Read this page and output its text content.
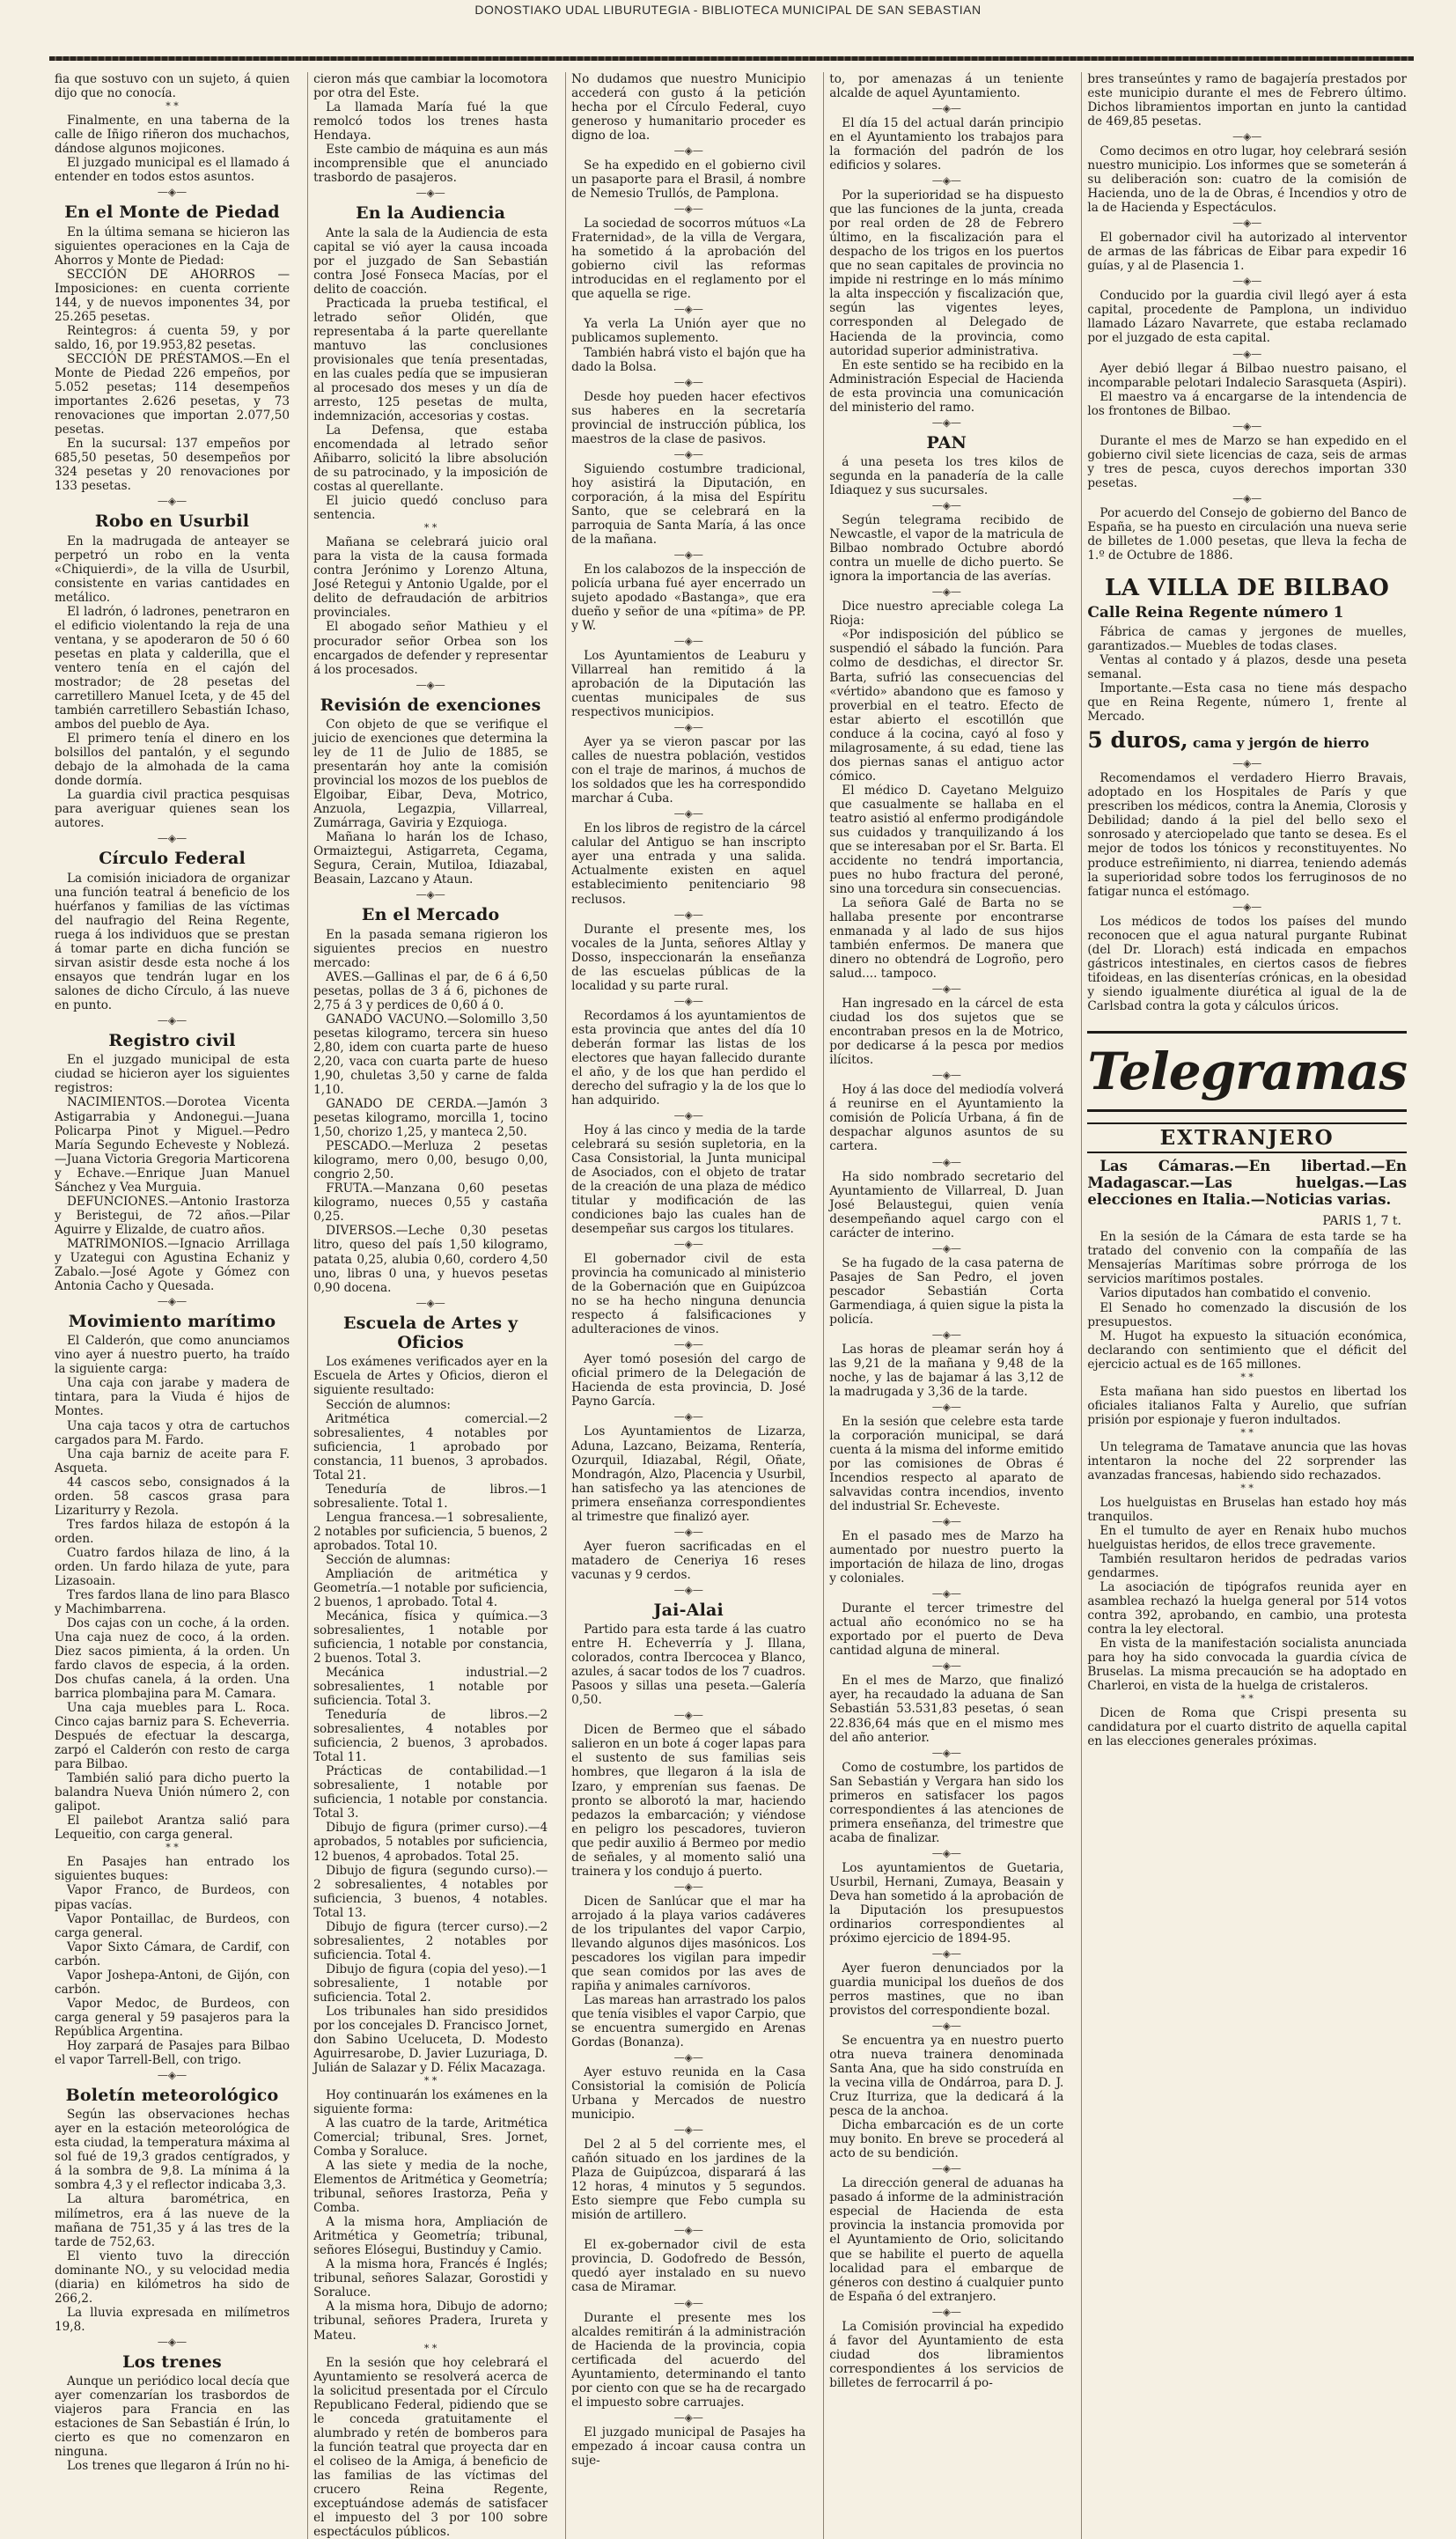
DONOSTIAKO UDAL LIBURUTEGIA - BIBLIOTECA MUNICIPAL DE SAN SEBASTIAN

fia que sostuvo con un sujeto, á quien dijo que no conocía.

* *

Finalmente, en una taberna de la calle de Iñigo riñeron dos muchachos, dándose algunos mojicones.

El juzgado municipal es el llamado á entender en todos estos asuntos.

—◈—
En el Monte de Piedad

En la última semana se hicieron las siguientes operaciones en la Caja de Ahorros y Monte de Piedad:

SECCIÓN DE AHORROS —Imposiciones: en cuenta corriente 144, y de nuevos imponentes 34, por 25.265 pesetas.

Reintegros: á cuenta 59, y por saldo, 16, por 19.953,82 pesetas.

SECCIÓN DE PRÉSTAMOS.—En el Monte de Piedad 226 empeños, por 5.052 pesetas; 114 desempeños importantes 2.626 pesetas, y 73 renovaciones que importan 2.077,50 pesetas.

En la sucursal: 137 empeños por 685,50 pesetas, 50 desempeños por 324 pesetas y 20 renovaciones por 133 pesetas.

—◈—
Robo en Usurbil

En la madrugada de anteayer se perpetró un robo en la venta «Chiquierdi», de la villa de Usurbil, consistente en varias cantidades en metálico.

El ladrón, ó ladrones, penetraron en el edificio violentando la reja de una ventana, y se apoderaron de 50 ó 60 pesetas en plata y calderilla, que el ventero tenía en el cajón del mostrador; de 28 pesetas del carretillero Manuel Iceta, y de 45 del también carretillero Sebastián Ichaso, ambos del pueblo de Aya.

El primero tenía el dinero en los bolsillos del pantalón, y el segundo debajo de la almohada de la cama donde dormía.

La guardia civil practica pesquisas para averiguar quienes sean los autores.

—◈—
Círculo Federal

La comisión iniciadora de organizar una función teatral á beneficio de los huérfanos y familias de las víctimas del naufragio del Reina Regente, ruega á los individuos que se prestan á tomar parte en dicha función se sirvan asistir desde esta noche á los ensayos que tendrán lugar en los salones de dicho Círculo, á las nueve en punto.

—◈—
Registro civil

En el juzgado municipal de esta ciudad se hicieron ayer los siguientes registros:

NACIMIENTOS.—Dorotea Vicenta Astigarrabia y Andonegui.—Juana Policarpa Pinot y Miguel.—Pedro María Segundo Echeveste y Noblezá.—Juana Victoria Gregoria Marticorena y Echave.—Enrique Juan Manuel Sánchez y Vea Murguia.

DEFUNCIONES.—Antonio Irastorza y Beristegui, de 72 años.—Pilar Aguirre y Elizalde, de cuatro años.

MATRIMONIOS.—Ignacio Arrillaga y Uzategui con Agustina Echaniz y Zabalo.—José Agote y Gómez con Antonia Cacho y Quesada.

—◈—
Movimiento marítimo

El Calderón, que como anunciamos vino ayer á nuestro puerto, ha traído la siguiente carga:

Una caja con jarabe y madera de tintara, para la Viuda é hijos de Montes.

Una caja tacos y otra de cartuchos cargados para M. Fardo.

Una caja barniz de aceite para F. Asqueta.

44 cascos sebo, consignados á la orden. 58 cascos grasa para Lizariturry y Rezola.

Tres fardos hilaza de estopón á la orden.

Cuatro fardos hilaza de lino, á la orden. Un fardo hilaza de yute, para Lizasoain.

Tres fardos llana de lino para Blasco y Machimbarrena.

Dos cajas con un coche, á la orden. Una caja nuez de coco, á la orden. Diez sacos pimienta, á la orden. Un fardo clavos de especia, á la orden. Dos chufas canela, á la orden. Una barrica plombajina para M. Camara.

Una caja muebles para L. Roca. Cinco cajas barniz para S. Echeverria. Después de efectuar la descarga, zarpó el Calderón con resto de carga para Bilbao.

También salió para dicho puerto la balandra Nueva Unión número 2, con galipot.

El pailebot Arantza salió para Lequeitio, con carga general.

* *

En Pasajes han entrado los siguientes buques:

Vapor Franco, de Burdeos, con pipas vacías.

Vapor Pontaillac, de Burdeos, con carga general.

Vapor Sixto Cámara, de Cardif, con carbón.

Vapor Joshepa-Antoni, de Gijón, con carbón.

Vapor Medoc, de Burdeos, con carga general y 59 pasajeros para la República Argentina.

Hoy zarpará de Pasajes para Bilbao el vapor Tarrell-Bell, con trigo.

—◈—
Boletín meteorológico

Según las observaciones hechas ayer en la estación meteorológica de esta ciudad, la temperatura máxima al sol fué de 19,3 grados centígrados, y á la sombra de 9,8. La mínima á la sombra 4,3 y el reflector indicaba 3,3.

La altura barométrica, en milímetros, era á las nueve de la mañana de 751,35 y á las tres de la tarde de 752,63.

El viento tuvo la dirección dominante NO., y su velocidad media (diaria) en kilómetros ha sido de 266,2.

La lluvia expresada en milímetros 19,8.

—◈—
Los trenes

Aunque un periódico local decía que ayer comenzarían los trasbordos de viajeros para Francia en las estaciones de San Sebastián é Irún, lo cierto es que no comenzaron en ninguna.

Los trenes que llegaron á Irún no hi-

cieron más que cambiar la locomotora por otra del Este.

La llamada María fué la que remolcó todos los trenes hasta Hendaya.

Este cambio de máquina es aun más incomprensible que el anunciado trasbordo de pasajeros.

—◈—
En la Audiencia

Ante la sala de la Audiencia de esta capital se vió ayer la causa incoada por el juzgado de San Sebastián contra José Fonseca Macías, por el delito de coacción.

Practicada la prueba testifical, el letrado señor Olidén, que representaba á la parte querellante mantuvo las conclusiones provisionales que tenía presentadas, en las cuales pedía que se impusieran al procesado dos meses y un día de arresto, 125 pesetas de multa, indemnización, accesorias y costas.

La Defensa, que estaba encomendada al letrado señor Añibarro, solicitó la libre absolución de su patrocinado, y la imposición de costas al querellante.

El juicio quedó concluso para sentencia.

* *

Mañana se celebrará juicio oral para la vista de la causa formada contra Jerónimo y Lorenzo Altuna, José Retegui y Antonio Ugalde, por el delito de defraudación de arbitrios provinciales.

El abogado señor Mathieu y el procurador señor Orbea son los encargados de defender y representar á los procesados.

—◈—
Revisión de exenciones

Con objeto de que se verifique el juicio de exenciones que determina la ley de 11 de Julio de 1885, se presentarán hoy ante la comisión provincial los mozos de los pueblos de Elgoibar, Eibar, Deva, Motrico, Anzuola, Legazpia, Villarreal, Zumárraga, Gaviria y Ezquioga.

Mañana lo harán los de Ichaso, Ormaiztegui, Astigarreta, Cegama, Segura, Cerain, Mutiloa, Idiazabal, Beasain, Lazcano y Ataun.

—◈—
En el Mercado

En la pasada semana rigieron los siguientes precios en nuestro mercado:

AVES.—Gallinas el par, de 6 á 6,50 pesetas, pollas de 3 á 6, pichones de 2,75 á 3 y perdices de 0,60 á 0.

GANADO VACUNO.—Solomillo 3,50 pesetas kilogramo, tercera sin hueso 2,80, idem con cuarta parte de hueso 2,20, vaca con cuarta parte de hueso 1,90, chuletas 3,50 y carne de falda 1,10.

GANADO DE CERDA.—Jamón 3 pesetas kilogramo, morcilla 1, tocino 1,50, chorizo 1,25, y manteca 2,50.

PESCADO.—Merluza 2 pesetas kilogramo, mero 0,00, besugo 0,00, congrio 2,50.

FRUTA.—Manzana 0,60 pesetas kilogramo, nueces 0,55 y castaña 0,25.

DIVERSOS.—Leche 0,30 pesetas litro, queso del país 1,50 kilogramo, patata 0,25, alubia 0,60, cordero 4,50 uno, libras 0 una, y huevos pesetas 0,90 docena.

—◈—
Escuela de Artes y Oficios

Los exámenes verificados ayer en la Escuela de Artes y Oficios, dieron el siguiente resultado:

Sección de alumnos:

Aritmética comercial.—2 sobresalientes, 4 notables por suficiencia, 1 aprobado por constancia, 11 buenos, 3 aprobados. Total 21.

Teneduría de libros.—1 sobresaliente. Total 1.

Lengua francesa.—1 sobresaliente, 2 notables por suficiencia, 5 buenos, 2 aprobados. Total 10.

Sección de alumnas:

Ampliación de aritmética y Geometría.—1 notable por suficiencia, 2 buenos, 1 aprobado. Total 4.

Mecánica, física y química.—3 sobresalientes, 1 notable por suficiencia, 1 notable por constancia, 2 buenos. Total 3.

Mecánica industrial.—2 sobresalientes, 1 notable por suficiencia. Total 3.

Teneduría de libros.—2 sobresalientes, 4 notables por suficiencia, 2 buenos, 3 aprobados. Total 11.

Prácticas de contabilidad.—1 sobresaliente, 1 notable por suficiencia, 1 notable por constancia. Total 3.

Dibujo de figura (primer curso).—4 aprobados, 5 notables por suficiencia, 12 buenos, 4 aprobados. Total 25.

Dibujo de figura (segundo curso).—2 sobresalientes, 4 notables por suficiencia, 3 buenos, 4 notables. Total 13.

Dibujo de figura (tercer curso).—2 sobresalientes, 2 notables por suficiencia. Total 4.

Dibujo de figura (copia del yeso).—1 sobresaliente, 1 notable por suficiencia. Total 2.

Los tribunales han sido presididos por los concejales D. Francisco Jornet, don Sabino Uceluceta, D. Modesto Aguirresarobe, D. Javier Luzuriaga, D. Julián de Salazar y D. Félix Macazaga.

* *

Hoy continuarán los exámenes en la siguiente forma:

A las cuatro de la tarde, Aritmética Comercial; tribunal, Sres. Jornet, Comba y Soraluce.

A las siete y media de la noche, Elementos de Aritmética y Geometría; tribunal, señores Irastorza, Peña y Comba.

A la misma hora, Ampliación de Aritmética y Geometría; tribunal, señores Elósegui, Bustinduy y Camio.

A la misma hora, Francés é Inglés; tribunal, señores Salazar, Gorostidi y Soraluce.

A la misma hora, Dibujo de adorno; tribunal, señores Pradera, Irureta y Mateu.

* *

En la sesión que hoy celebrará el Ayuntamiento se resolverá acerca de la solicitud presentada por el Círculo Republicano Federal, pidiendo que se le conceda gratuitamente el alumbrado y retén de bomberos para la función teatral que proyecta dar en el coliseo de la Amiga, á beneficio de las familias de las víctimas del crucero Reina Regente, exceptuándose además de satisfacer el impuesto del 3 por 100 sobre espectáculos públicos.

No dudamos que nuestro Municipio accederá con gusto á la petición hecha por el Círculo Federal, cuyo generoso y humanitario proceder es digno de loa.

—◈—

Se ha expedido en el gobierno civil un pasaporte para el Brasil, á nombre de Nemesio Trullós, de Pamplona.

—◈—

La sociedad de socorros mútuos «La Fraternidad», de la villa de Vergara, ha sometido á la aprobación del gobierno civil las reformas introducidas en el reglamento por el que aquella se rige.

—◈—

Ya verla La Unión ayer que no publicamos suplemento.

También habrá visto el bajón que ha dado la Bolsa.

—◈—

Desde hoy pueden hacer efectivos sus haberes en la secretaría provincial de instrucción pública, los maestros de la clase de pasivos.

—◈—

Siguiendo costumbre tradicional, hoy asistirá la Diputación, en corporación, á la misa del Espíritu Santo, que se celebrará en la parroquia de Santa María, á las once de la mañana.

—◈—

En los calabozos de la inspección de policía urbana fué ayer encerrado un sujeto apodado «Bastanga», que era dueño y señor de una «pítima» de PP. y W.

—◈—

Los Ayuntamientos de Leaburu y Villarreal han remitido á la aprobación de la Diputación las cuentas municipales de sus respectivos municipios.

—◈—

Ayer ya se vieron pascar por las calles de nuestra población, vestidos con el traje de marinos, á muchos de los soldados que les ha correspondido marchar á Cuba.

—◈—

En los libros de registro de la cárcel calular del Antiguo se han inscripto ayer una entrada y una salida. Actualmente existen en aquel establecimiento penitenciario 98 reclusos.

—◈—

Durante el presente mes, los vocales de la Junta, señores Altlay y Dosso, inspeccionarán la enseñanza de las escuelas públicas de la localidad y su parte rural.

—◈—

Recordamos á los ayuntamientos de esta provincia que antes del día 10 deberán formar las listas de los electores que hayan fallecido durante el año, y de los que han perdido el derecho del sufragio y la de los que lo han adquirido.

—◈—

Hoy á las cinco y media de la tarde celebrará su sesión supletoria, en la Casa Consistorial, la Junta municipal de Asociados, con el objeto de tratar de la creación de una plaza de médico titular y modificación de las condiciones bajo las cuales han de desempeñar sus cargos los titulares.

—◈—

El gobernador civil de esta provincia ha comunicado al ministerio de la Gobernación que en Guipúzcoa no se ha hecho ninguna denuncia respecto á falsificaciones y adulteraciones de vinos.

—◈—

Ayer tomó posesión del cargo de oficial primero de la Delegación de Hacienda de esta provincia, D. José Payno García.

—◈—

Los Ayuntamientos de Lizarza, Aduna, Lazcano, Beizama, Rentería, Ozurquil, Idiazabal, Régil, Oñate, Mondragón, Alzo, Placencia y Usurbil, han satisfecho ya las atenciones de primera enseñanza correspondientes al trimestre que finalizó ayer.

—◈—

Ayer fueron sacrificadas en el matadero de Ceneriya 16 reses vacunas y 9 cerdos.

—◈—
Jai-Alai

Partido para esta tarde á las cuatro entre H. Echeverría y J. Illana, colorados, contra Ibercocea y Blanco, azules, á sacar todos de los 7 cuadros. Pasoos y sillas una peseta.—Galería 0,50.

—◈—

Dicen de Bermeo que el sábado salieron en un bote á coger lapas para el sustento de sus familias seis hombres, que llegaron á la isla de Izaro, y emprenían sus faenas. De pronto se alborotó la mar, haciendo pedazos la embarcación; y viéndose en peligro los pescadores, tuvieron que pedir auxilio á Bermeo por medio de señales, y al momento salió una trainera y los condujo á puerto.

—◈—

Dicen de Sanlúcar que el mar ha arrojado á la playa varios cadáveres de los tripulantes del vapor Carpio, llevando algunos dijes masónicos. Los pescadores los vigilan para impedir que sean comidos por las aves de rapiña y animales carnívoros.

Las mareas han arrastrado los palos que tenía visibles el vapor Carpio, que se encuentra sumergido en Arenas Gordas (Bonanza).

—◈—

Ayer estuvo reunida en la Casa Consistorial la comisión de Policía Urbana y Mercados de nuestro municipio.

—◈—

Del 2 al 5 del corriente mes, el cañón situado en los jardines de la Plaza de Guipúzcoa, disparará á las 12 horas, 4 minutos y 5 segundos. Esto siempre que Febo cumpla su misión de artillero.

—◈—

El ex-gobernador civil de esta provincia, D. Godofredo de Bessón, quedó ayer instalado en su nuevo casa de Miramar.

—◈—

Durante el presente mes los alcaldes remitirán á la administración de Hacienda de la provincia, copia certificada del acuerdo del Ayuntamiento, determinando el tanto por ciento con que se ha de recargado el impuesto sobre carruajes.

—◈—

El juzgado municipal de Pasajes ha empezado á incoar causa contra un suje-

to, por amenazas á un teniente alcalde de aquel Ayuntamiento.

—◈—

El día 15 del actual darán principio en el Ayuntamiento los trabajos para la formación del padrón de los edificios y solares.

—◈—

Por la superioridad se ha dispuesto que las funciones de la junta, creada por real orden de 28 de Febrero último, en la fiscalización para el despacho de los trigos en los puertos que no sean capitales de provincia no impide ni restringe en lo más mínimo la alta inspección y fiscalización que, según las vigentes leyes, corresponden al Delegado de Hacienda de la provincia, como autoridad superior administrativa.

En este sentido se ha recibido en la Administración Especial de Hacienda de esta provincia una comunicación del ministerio del ramo.

—◈—
PAN

á una peseta los tres kilos de segunda en la panadería de la calle Idiaquez y sus sucursales.

—◈—

Según telegrama recibido de Newcastle, el vapor de la matricula de Bilbao nombrado Octubre abordó contra un muelle de dicho puerto. Se ignora la importancia de las averías.

—◈—

Dice nuestro apreciable colega La Rioja:

«Por indisposición del público se suspendió el sábado la función. Para colmo de desdichas, el director Sr. Barta, sufrió las consecuencias del «vértido» abandono que es famoso y proverbial en el teatro. Efecto de estar abierto el escotillón que conduce á la cocina, cayó al foso y milagrosamente, á su edad, tiene las dos piernas sanas el antiguo actor cómico.

El médico D. Cayetano Melguizo que casualmente se hallaba en el teatro asistió al enfermo prodigándole sus cuidados y tranquilizando á los que se interesaban por el Sr. Barta. El accidente no tendrá importancia, pues no hubo fractura del peroné, sino una torcedura sin consecuencias.

La señora Galé de Barta no se hallaba presente por encontrarse enmanada y al lado de sus hijos también enfermos. De manera que dinero no obtendrá de Logroño, pero salud.... tampoco.

—◈—

Han ingresado en la cárcel de esta ciudad los dos sujetos que se encontraban presos en la de Motrico, por dedicarse á la pesca por medios ilícitos.

—◈—

Hoy á las doce del mediodía volverá á reunirse en el Ayuntamiento la comisión de Policía Urbana, á fin de despachar algunos asuntos de su cartera.

—◈—

Ha sido nombrado secretario del Ayuntamiento de Villarreal, D. Juan José Belaustegui, quien venía desempeñando aquel cargo con el carácter de interino.

—◈—

Se ha fugado de la casa paterna de Pasajes de San Pedro, el joven pescador Sebastián Corta Garmendiaga, á quien sigue la pista la policía.

—◈—

Las horas de pleamar serán hoy á las 9,21 de la mañana y 9,48 de la noche, y las de bajamar á las 3,12 de la madrugada y 3,36 de la tarde.

—◈—

En la sesión que celebre esta tarde la corporación municipal, se dará cuenta á la misma del informe emitido por las comisiones de Obras é Incendios respecto al aparato de salvavidas contra incendios, invento del industrial Sr. Echeveste.

—◈—

En el pasado mes de Marzo ha aumentado por nuestro puerto la importación de hilaza de lino, drogas y coloniales.

—◈—

Durante el tercer trimestre del actual año económico no se ha exportado por el puerto de Deva cantidad alguna de mineral.

—◈—

En el mes de Marzo, que finalizó ayer, ha recaudado la aduana de San Sebastián 53.531,83 pesetas, ó sean 22.836,64 más que en el mismo mes del año anterior.

—◈—

Como de costumbre, los partidos de San Sebastián y Vergara han sido los primeros en satisfacer los pagos correspondientes á las atenciones de primera enseñanza, del trimestre que acaba de finalizar.

—◈—

Los ayuntamientos de Guetaria, Usurbil, Hernani, Zumaya, Beasain y Deva han sometido á la aprobación de la Diputación los presupuestos ordinarios correspondientes al próximo ejercicio de 1894-95.

—◈—

Ayer fueron denunciados por la guardia municipal los dueños de dos perros mastines, que no iban provistos del correspondiente bozal.

—◈—

Se encuentra ya en nuestro puerto otra nueva trainera denominada Santa Ana, que ha sido construída en la vecina villa de Ondárroa, para D. J. Cruz Iturriza, que la dedicará á la pesca de la anchoa.

Dicha embarcación es de un corte muy bonito. En breve se procederá al acto de su bendición.

—◈—

La dirección general de aduanas ha pasado á informe de la administración especial de Hacienda de esta provincia la instancia promovida por el Ayuntamiento de Orio, solicitando que se habilite el puerto de aquella localidad para el embarque de géneros con destino á cualquier punto de España ó del extranjero.

—◈—

La Comisión provincial ha expedido á favor del Ayuntamiento de esta ciudad dos libramientos correspondientes á los servicios de billetes de ferrocarril á po-

bres transeúntes y ramo de bagajería prestados por este municipio durante el mes de Febrero último. Dichos libramientos importan en junto la cantidad de 469,85 pesetas.

—◈—

Como decimos en otro lugar, hoy celebrará sesión nuestro municipio. Los informes que se someterán á su deliberación son: cuatro de la comisión de Hacienda, uno de la de Obras, é Incendios y otro de la de Hacienda y Espectáculos.

—◈—

El gobernador civil ha autorizado al interventor de armas de las fábricas de Eibar para expedir 16 guías, y al de Plasencia 1.

—◈—

Conducido por la guardia civil llegó ayer á esta capital, procedente de Pamplona, un individuo llamado Lázaro Navarrete, que estaba reclamado por el juzgado de esta capital.

—◈—

Ayer debió llegar á Bilbao nuestro paisano, el incomparable pelotari Indalecio Sarasqueta (Aspiri).

El maestro va á encargarse de la intendencia de los frontones de Bilbao.

—◈—

Durante el mes de Marzo se han expedido en el gobierno civil siete licencias de caza, seis de armas y tres de pesca, cuyos derechos importan 330 pesetas.

—◈—

Por acuerdo del Consejo de gobierno del Banco de España, se ha puesto en circulación una nueva serie de billetes de 1.000 pesetas, que lleva la fecha de 1.º de Octubre de 1886.

LA VILLA DE BILBAO
Calle Reina Regente número 1

Fábrica de camas y jergones de muelles, garantizados.— Muebles de todas clases.

Ventas al contado y á plazos, desde una peseta semanal.

Importante.—Esta casa no tiene más despacho que en Reina Regente, número 1, frente al Mercado.

5 duros, cama y jergón de hierro
—◈—

Recomendamos el verdadero Hierro Bravais, adoptado en los Hospitales de París y que prescriben los médicos, contra la Anemia, Clorosis y Debilidad; dando á la piel del bello sexo el sonrosado y aterciopelado que tanto se desea. Es el mejor de todos los tónicos y reconstituyentes. No produce estreñimiento, ni diarrea, teniendo además la superioridad sobre todos los ferruginosos de no fatigar nunca el estómago.

—◈—

Los médicos de todos los países del mundo reconocen que el agua natural purgante Rubinat (del Dr. Llorach) está indicada en empachos gástricos intestinales, en ciertos casos de fiebres tifoideas, en las disenterías crónicas, en la obesidad y siendo igualmente diurética al igual de la de Carlsbad contra la gota y cálculos úricos.

Telegramas
EXTRANJERO

Las Cámaras.—En libertad.—En Madagascar.—Las huelgas.—Las elecciones en Italia.—Noticias varias.

PARIS 1, 7 t.

En la sesión de la Cámara de esta tarde se ha tratado del convenio con la compañía de las Mensajerías Marítimas sobre prórroga de los servicios marítimos postales.

Varios diputados han combatido el convenio.

El Senado ho comenzado la discusión de los presupuestos.

M. Hugot ha expuesto la situación económica, declarando con sentimiento que el déficit del ejercicio actual es de 165 millones.

* *

Esta mañana han sido puestos en libertad los oficiales italianos Falta y Aurelio, que sufrían prisión por espionaje y fueron indultados.

* *

Un telegrama de Tamatave anuncia que las hovas intentaron la noche del 22 sorprender las avanzadas francesas, habiendo sido rechazados.

* *

Los huelguistas en Bruselas han estado hoy más tranquilos.

En el tumulto de ayer en Renaix hubo muchos huelguistas heridos, de ellos trece gravemente.

También resultaron heridos de pedradas varios gendarmes.

La asociación de tipógrafos reunida ayer en asamblea rechazó la huelga general por 514 votos contra 392, aprobando, en cambio, una protesta contra la ley electoral.

En vista de la manifestación socialista anunciada para hoy ha sido convocada la guardia cívica de Bruselas. La misma precaución se ha adoptado en Charleroi, en vista de la huelga de cristaleros.

* *

Dicen de Roma que Crispi presenta su candidatura por el cuarto distrito de aquella capital en las elecciones generales próximas.
